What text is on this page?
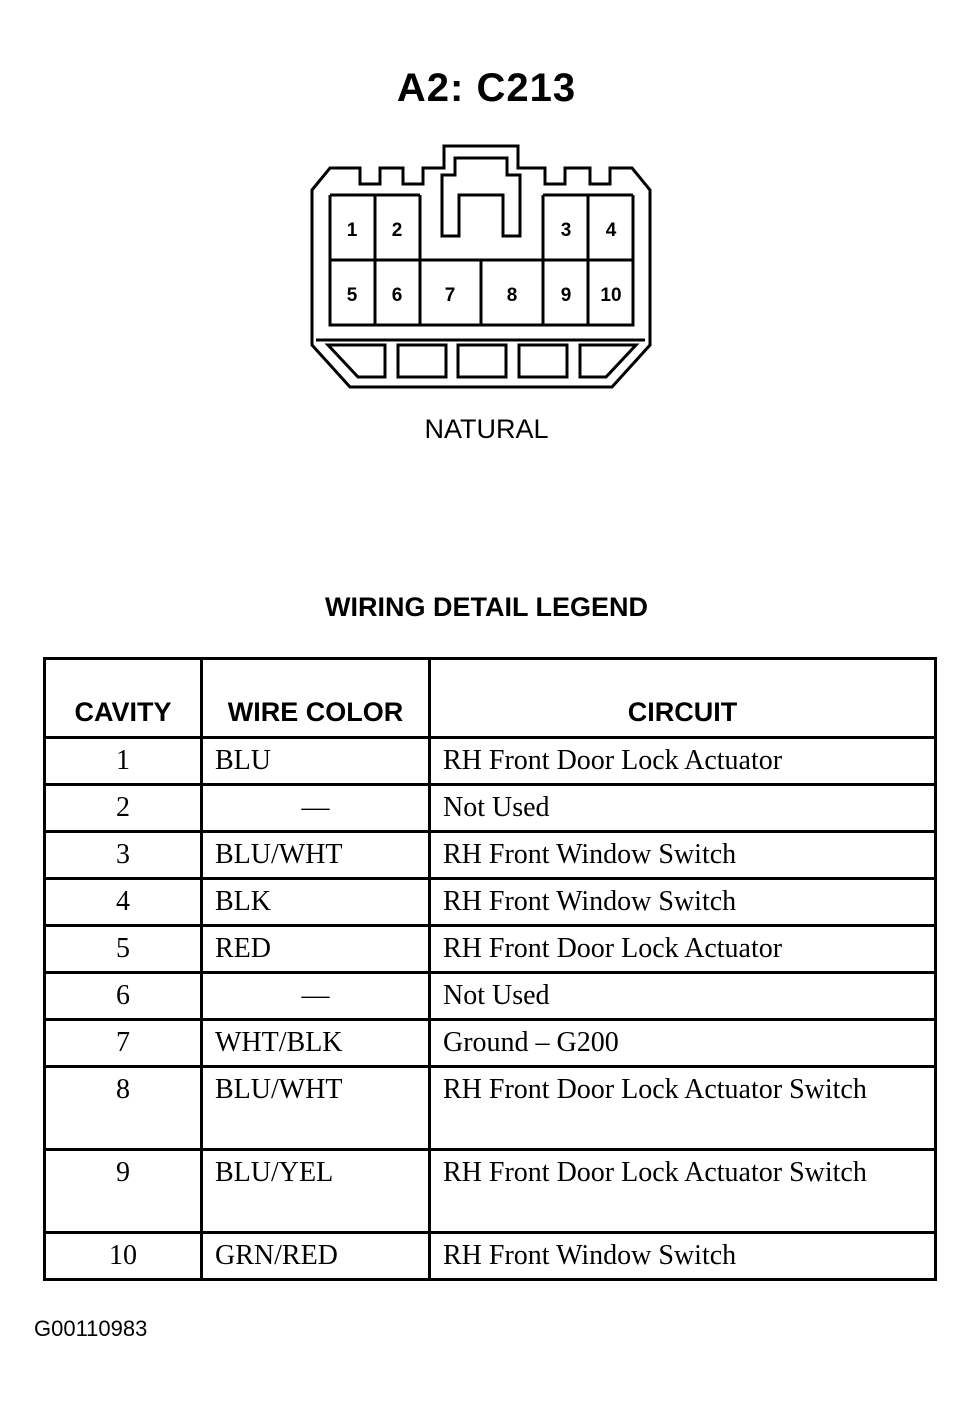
A2: C213
1 2	3 4
5 6 7	8 9 10
NATURAL
WIRING DETAIL LEGEND
CAVITY	WIRE COLOR	CIRCUIT
1	BLU	RH Front Door Lock Actuator
2	—	Not Used
3	BLU/WHT	RH Front Window Switch
4	BLK	RH Front Window Switch
5	RED	RH Front Door Lock Actuator
6	—	Not Used
7	WHT/BLK	Ground – G200
8	BLU/WHT	RH Front Door Lock Actuator Switch
9	BLU/YEL	RH Front Door Lock Actuator Switch
10	GRN/RED	RH Front Window Switch
G00110983
